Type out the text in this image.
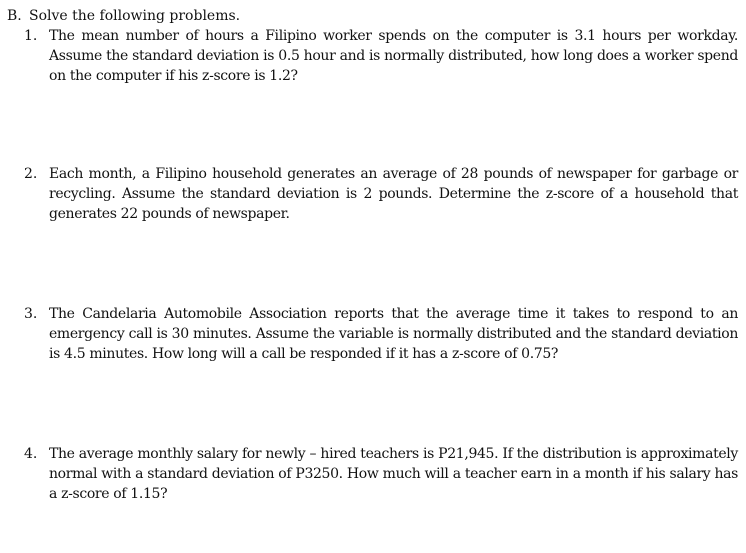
B. Solve the following problems.
1. The mean number of hours a Filipino worker spends on the computer is 3.1 hours per workday. Assume the standard deviation is 0.5 hour and is normally distributed, how long does a worker spend on the computer if his z-score is 1.2?
2. Each month, a Filipino household generates an average of 28 pounds of newspaper for garbage or recycling. Assume the standard deviation is 2 pounds. Determine the z-score of a household that generates 22 pounds of newspaper.
3. The Candelaria Automobile Association reports that the average time it takes to respond to an emergency call is 30 minutes. Assume the variable is normally distributed and the standard deviation is 4.5 minutes. How long will a call be responded if it has a z-score of 0.75?
4. The average monthly salary for newly – hired teachers is P21,945. If the distribution is approximately normal with a standard deviation of P3250. How much will a teacher earn in a month if his salary has a z-score of 1.15?
